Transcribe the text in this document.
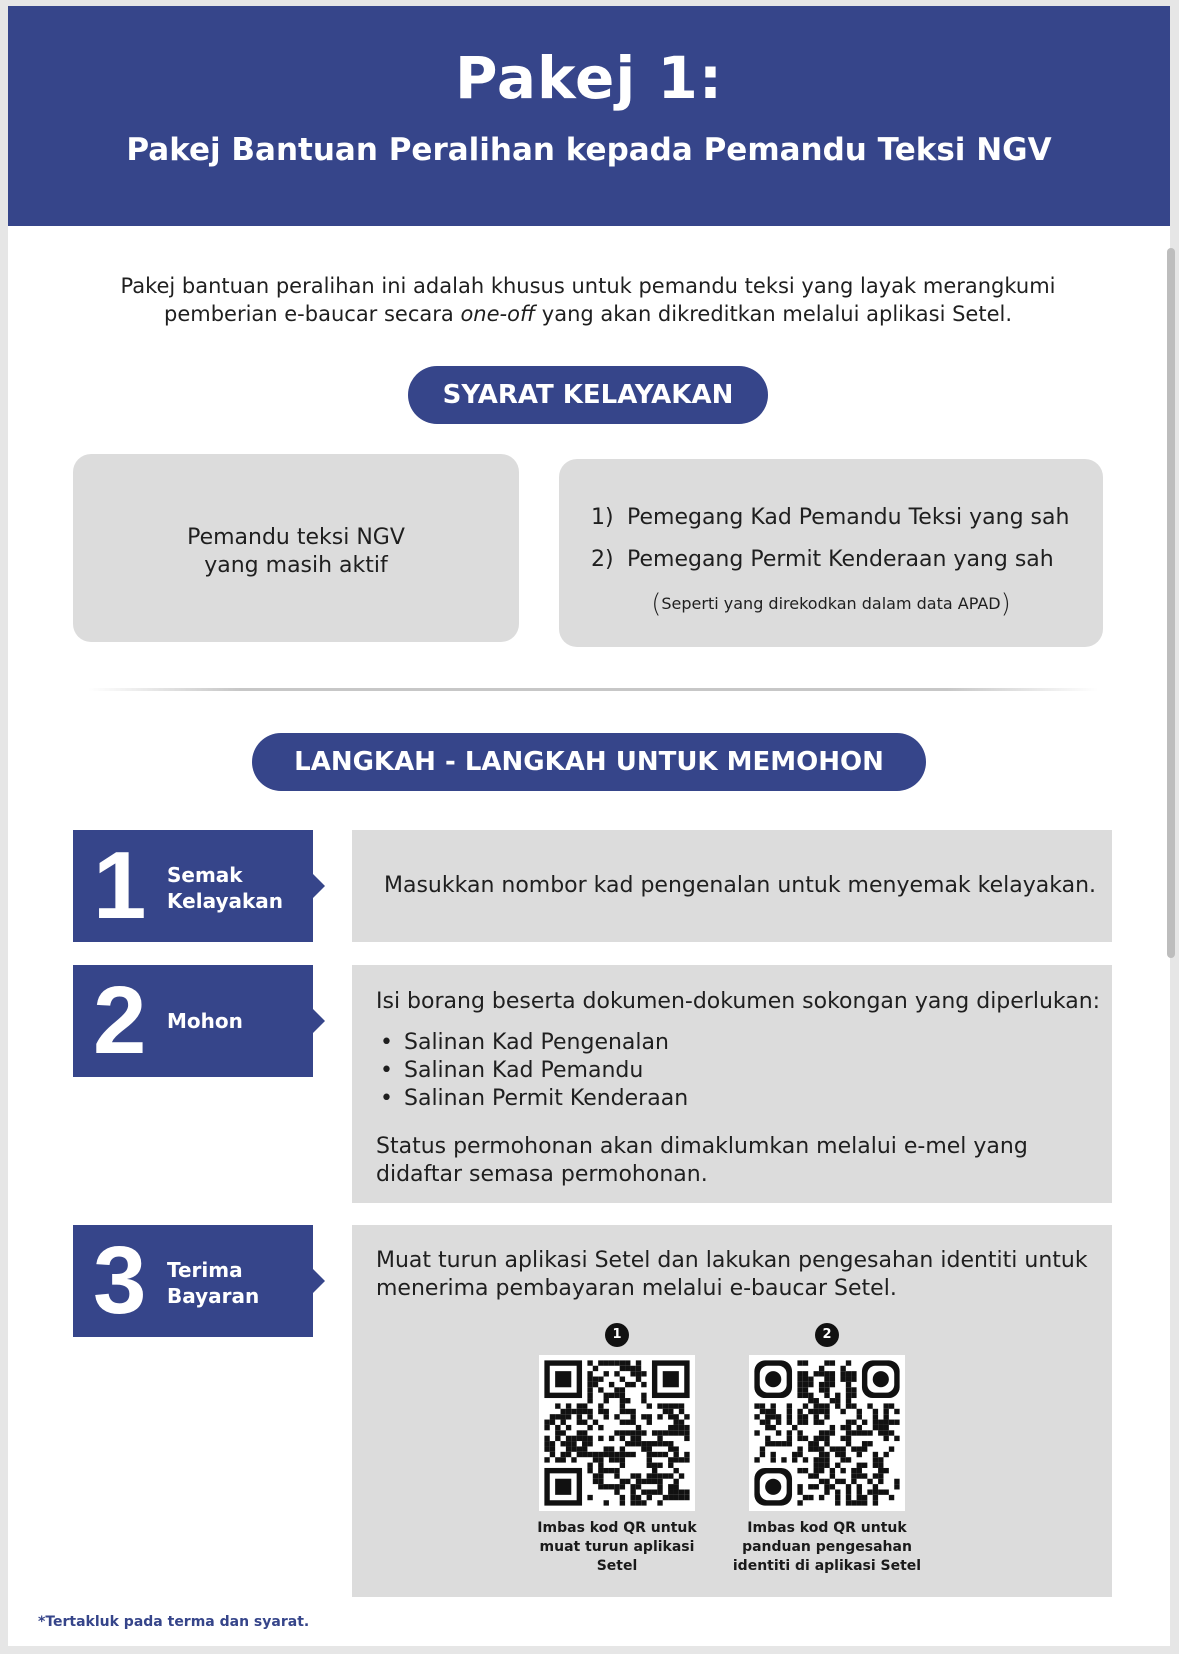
Pakej 1:
Pakej Bantuan Peralihan kepada Pemandu Teksi NGV

Pakej bantuan peralihan ini adalah khusus untuk pemandu teksi yang layak merangkumi pemberian e-baucar secara one-off yang akan dikreditkan melalui aplikasi Setel.

SYARAT KELAYAKAN
Pemandu teksi NGV
yang masih aktif
1) Pemegang Kad Pemandu Teksi yang sah
2) Pemegang Permit Kenderaan yang sah
(Seperti yang direkodkan dalam data APAD)
LANGKAH - LANGKAH UNTUK MEMOHON
1 Semak
Kelayakan
Masukkan nombor kad pengenalan untuk menyemak kelayakan.
2 Mohon
Isi borang beserta dokumen-dokumen sokongan yang diperlukan:
• Salinan Kad Pengenalan
• Salinan Kad Pemandu
• Salinan Permit Kenderaan
Status permohonan akan dimaklumkan melalui e-mel yang didaftar semasa permohonan.
3 Terima
Bayaran
Muat turun aplikasi Setel dan lakukan pengesahan identiti untuk menerima pembayaran melalui e-baucar Setel.
1
Imbas kod QR untuk
muat turun aplikasi
Setel
2
Imbas kod QR untuk
panduan pengesahan
identiti di aplikasi Setel
*Tertakluk pada terma dan syarat.
